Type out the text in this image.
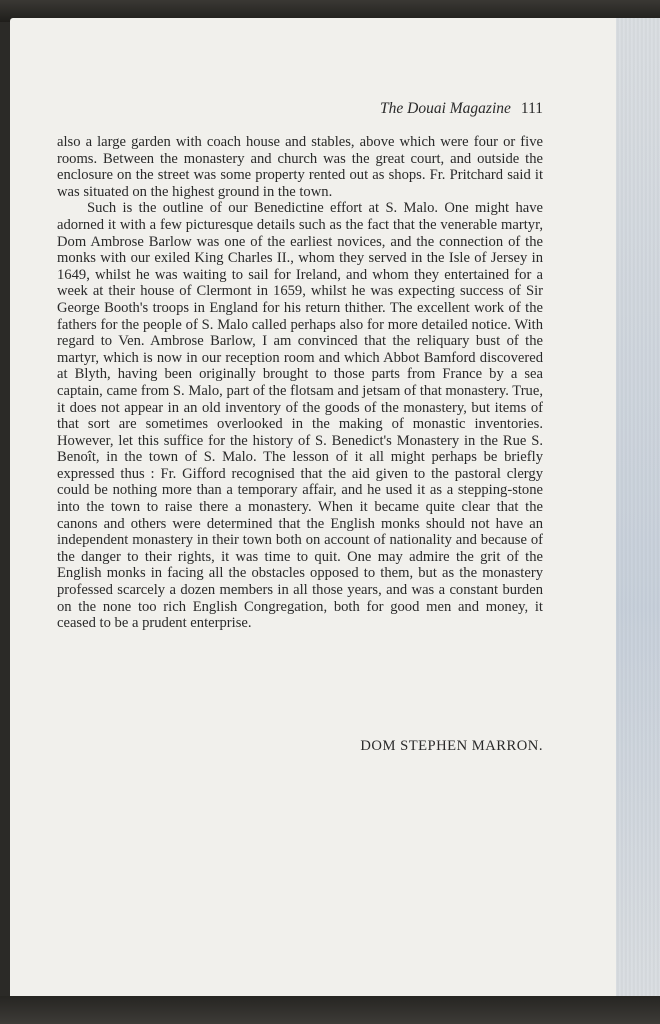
The Douai Magazine 111

also a large garden with coach house and stables, above which were four or five rooms. Between the monastery and church was the great court, and outside the enclosure on the street was some property rented out as shops. Fr. Pritchard said it was situated on the highest ground in the town.

Such is the outline of our Benedictine effort at S. Malo. One might have adorned it with a few picturesque details such as the fact that the venerable martyr, Dom Ambrose Barlow was one of the earliest novices, and the connection of the monks with our exiled King Charles II., whom they served in the Isle of Jersey in 1649, whilst he was waiting to sail for Ireland, and whom they entertained for a week at their house of Clermont in 1659, whilst he was expecting success of Sir George Booth's troops in England for his return thither. The excellent work of the fathers for the people of S. Malo called perhaps also for more detailed notice. With regard to Ven. Ambrose Barlow, I am convinced that the reliquary bust of the martyr, which is now in our reception room and which Abbot Bamford discovered at Blyth, having been originally brought to those parts from France by a sea captain, came from S. Malo, part of the flotsam and jetsam of that monastery. True, it does not appear in an old inventory of the goods of the monastery, but items of that sort are sometimes overlooked in the making of monastic inventories. However, let this suffice for the history of S. Benedict's Monastery in the Rue S. Benoît, in the town of S. Malo. The lesson of it all might perhaps be briefly expressed thus : Fr. Gifford recognised that the aid given to the pastoral clergy could be nothing more than a temporary affair, and he used it as a stepping-stone into the town to raise there a monastery. When it became quite clear that the canons and others were determined that the English monks should not have an independent monastery in their town both on account of nationality and because of the danger to their rights, it was time to quit. One may admire the grit of the English monks in facing all the obstacles opposed to them, but as the monastery professed scarcely a dozen members in all those years, and was a constant burden on the none too rich English Congregation, both for good men and money, it ceased to be a prudent enterprise.

DOM STEPHEN MARRON.
